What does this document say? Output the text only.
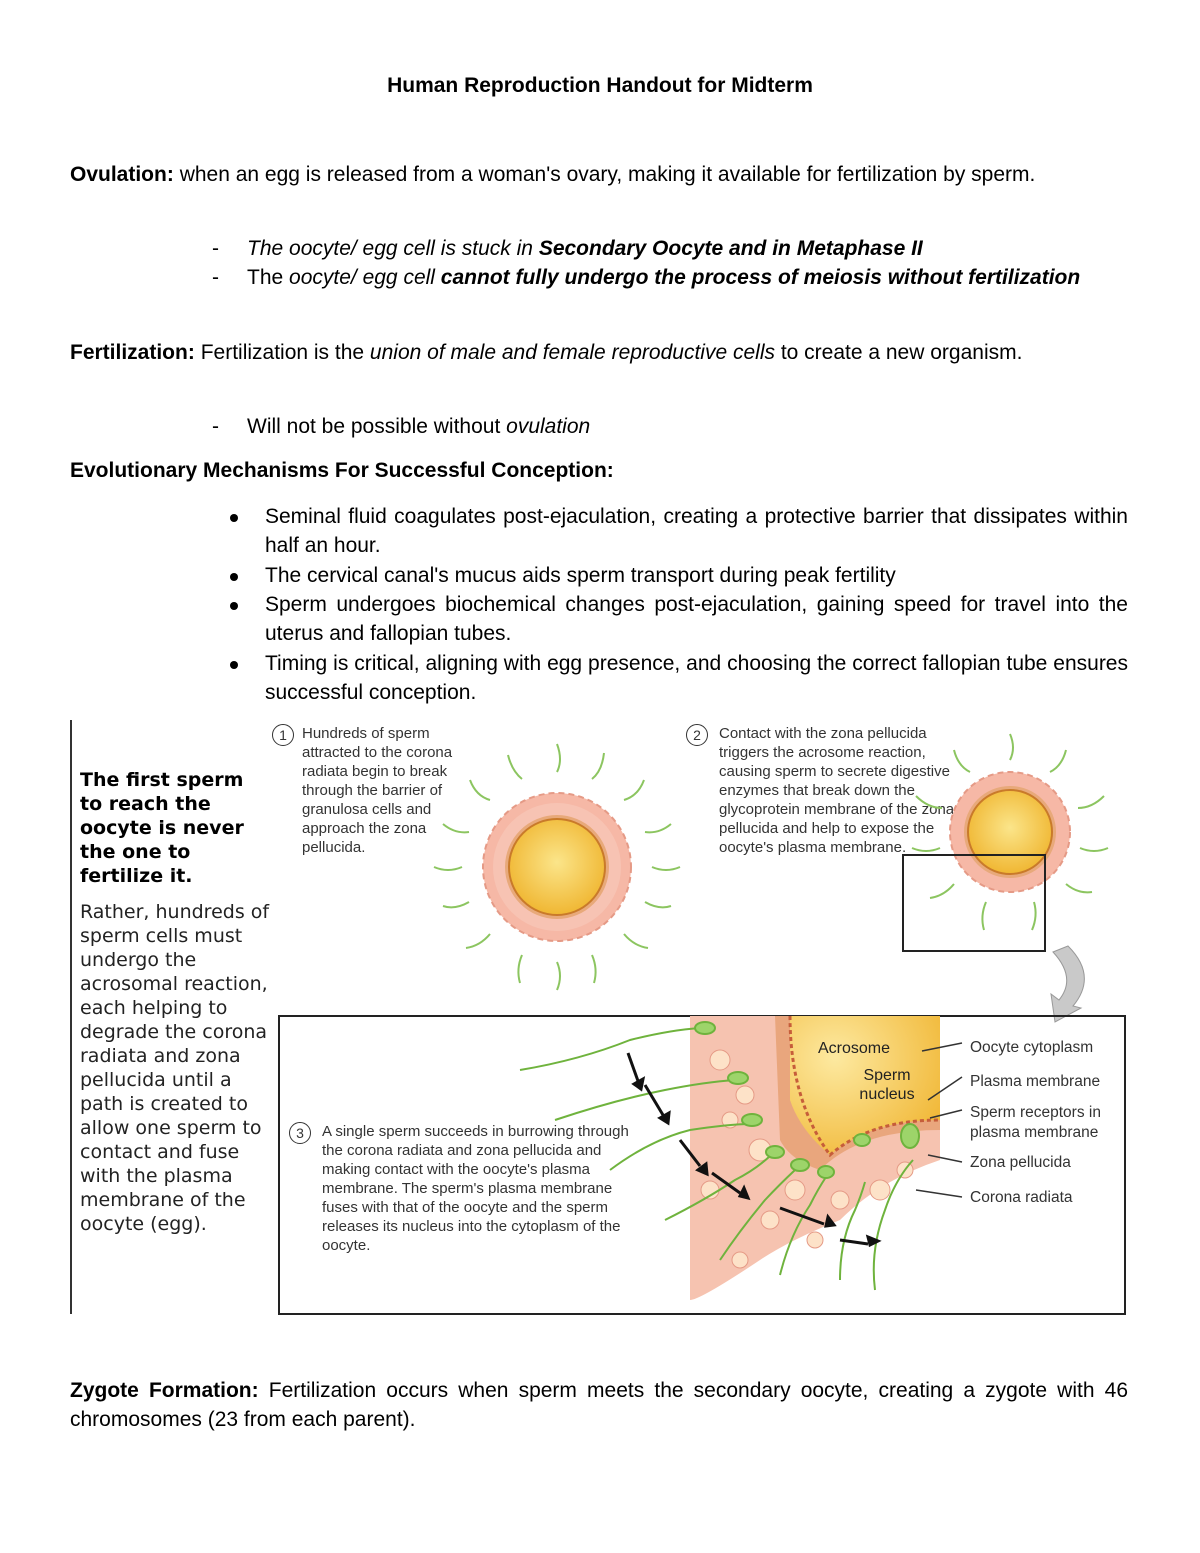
Human Reproduction Handout for Midterm
Ovulation: when an egg is released from a woman's ovary, making it available for fertilization by sperm.
- The oocyte/ egg cell is stuck in Secondary Oocyte and in Metaphase II
- The oocyte/ egg cell cannot fully undergo the process of meiosis without fertilization
Fertilization: Fertilization is the union of male and female reproductive cells to create a new organism.
- Will not be possible without ovulation
Evolutionary Mechanisms For Successful Conception:
Seminal fluid coagulates post-ejaculation, creating a protective barrier that dissipates within half an hour.
The cervical canal's mucus aids sperm transport during peak fertility
Sperm undergoes biochemical changes post-ejaculation, gaining speed for travel into the uterus and fallopian tubes.
Timing is critical, aligning with egg presence, and choosing the correct fallopian tube ensures successful conception.
The first sperm to reach the oocyte is never the one to fertilize it.
Rather, hundreds of sperm cells must undergo the acrosomal reaction, each helping to degrade the corona radiata and zona pellucida until a path is created to allow one sperm to contact and fuse with the plasma membrane of the oocyte (egg).
1	Hundreds of sperm attracted to the corona radiata begin to break through the barrier of granulosa cells and approach the zona pellucida.
2	Contact with the zona pellucida triggers the acrosome reaction, causing sperm to secrete digestive enzymes that break down the glycoprotein membrane of the zona pellucida and help to expose the oocyte's plasma membrane.
Acrosome
Sperm nucleus
3	A single sperm succeeds in burrowing through the corona radiata and zona pellucida and making contact with the oocyte's plasma membrane. The sperm's plasma membrane fuses with that of the oocyte and the sperm releases its nucleus into the cytoplasm of the oocyte.
Oocyte cytoplasm
Plasma membrane
Sperm receptors in plasma membrane
Zona pellucida
Corona radiata
Zygote Formation: Fertilization occurs when sperm meets the secondary oocyte, creating a zygote with 46 chromosomes (23 from each parent).
